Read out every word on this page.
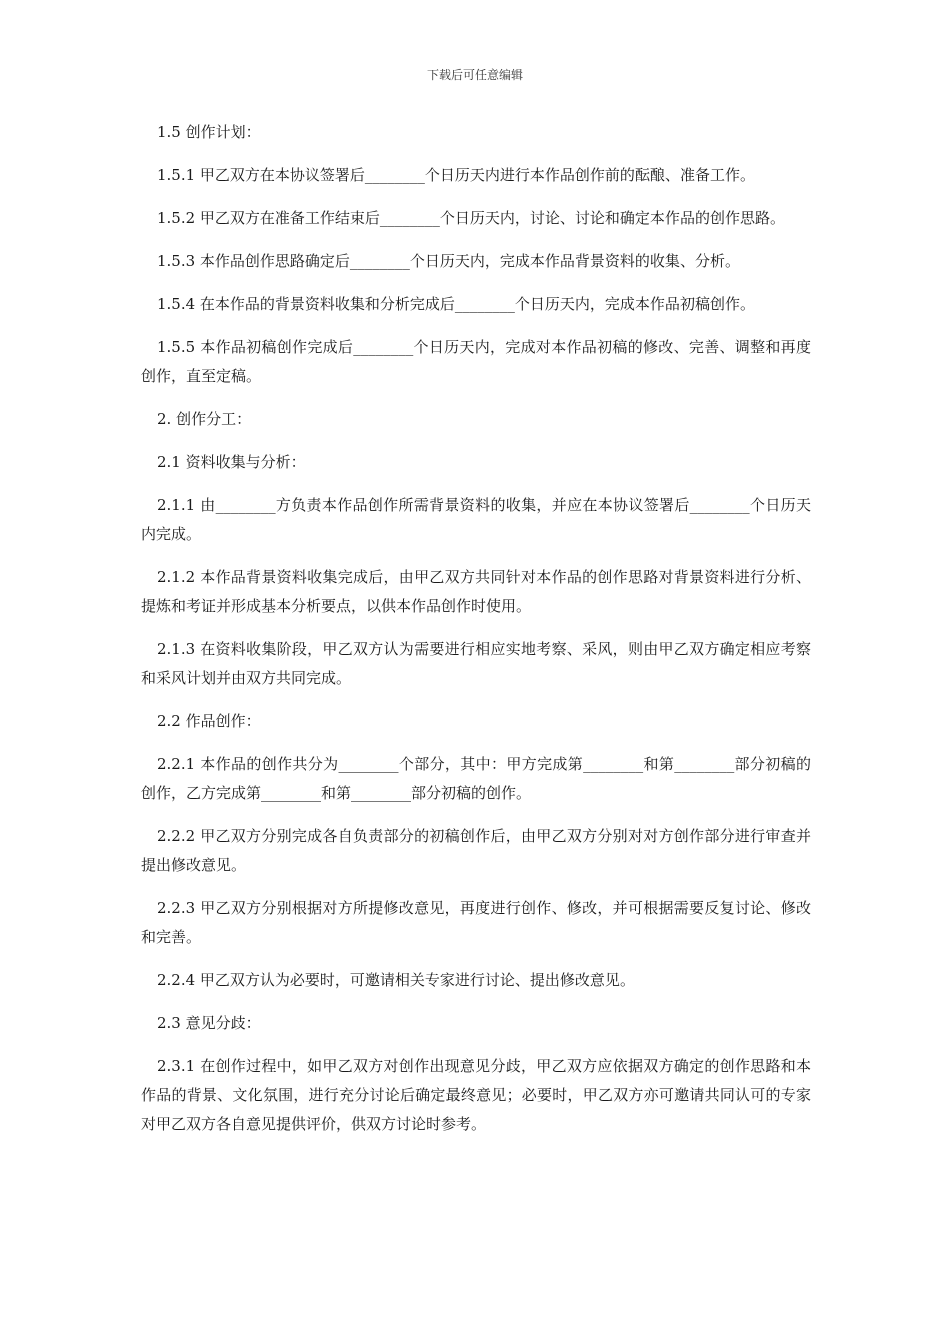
下载后可任意编辑

1.5 创作计划：

1.5.1 甲乙双方在本协议签署后________个日历天内进行本作品创作前的酝酿、准备工作。

1.5.2 甲乙双方在准备工作结束后________个日历天内，讨论、讨论和确定本作品的创作思路。

1.5.3 本作品创作思路确定后________个日历天内，完成本作品背景资料的收集、分析。

1.5.4 在本作品的背景资料收集和分析完成后________个日历天内，完成本作品初稿创作。

1.5.5 本作品初稿创作完成后________个日历天内，完成对本作品初稿的修改、完善、调整和再度创作，直至定稿。

2. 创作分工：

2.1 资料收集与分析：

2.1.1 由________方负责本作品创作所需背景资料的收集，并应在本协议签署后________个日历天内完成。

2.1.2 本作品背景资料收集完成后，由甲乙双方共同针对本作品的创作思路对背景资料进行分析、提炼和考证并形成基本分析要点，以供本作品创作时使用。

2.1.3 在资料收集阶段，甲乙双方认为需要进行相应实地考察、采风，则由甲乙双方确定相应考察和采风计划并由双方共同完成。

2.2 作品创作：

2.2.1 本作品的创作共分为________个部分，其中：甲方完成第________和第________部分初稿的创作，乙方完成第________和第________部分初稿的创作。

2.2.2 甲乙双方分别完成各自负责部分的初稿创作后，由甲乙双方分别对对方创作部分进行审查并提出修改意见。

2.2.3 甲乙双方分别根据对方所提修改意见，再度进行创作、修改，并可根据需要反复讨论、修改和完善。

2.2.4 甲乙双方认为必要时，可邀请相关专家进行讨论、提出修改意见。

2.3 意见分歧：

2.3.1 在创作过程中，如甲乙双方对创作出现意见分歧，甲乙双方应依据双方确定的创作思路和本作品的背景、文化氛围，进行充分讨论后确定最终意见；必要时，甲乙双方亦可邀请共同认可的专家对甲乙双方各自意见提供评价，供双方讨论时参考。
